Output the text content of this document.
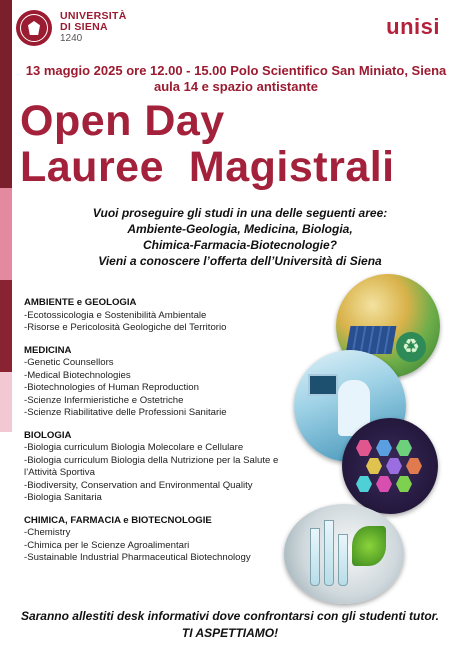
UNIVERSITÀ
DI SIENA
1240	unisi
13 maggio 2025 ore 12.00 - 15.00 Polo Scientifico San Miniato, Siena
aula 14 e spazio antistante
Open Day
Lauree  Magistrali
Vuoi proseguire gli studi in una delle seguenti aree:
Ambiente-Geologia, Medicina, Biologia,
Chimica-Farmacia-Biotecnologie?
Vieni a conoscere l’offerta dell’Università di Siena
AMBIENTE e GEOLOGIA
-Ecotossicologia e Sostenibilità Ambientale
-Risorse e Pericolosità Geologiche del Territorio
MEDICINA
-Genetic Counsellors
-Medical Biotechnologies
-Biotechnologies of Human Reproduction
-Scienze Infermieristiche e Ostetriche
-Scienze Riabilitative delle Professioni Sanitarie
BIOLOGIA
-Biologia curriculum Biologia Molecolare e Cellulare
-Biologia curriculum Biologia della Nutrizione per la Salute e l’Attività Sportiva
-Biodiversity, Conservation and Environmental Quality
-Biologia Sanitaria
CHIMICA, FARMACIA e BIOTECNOLOGIE
-Chemistry
-Chimica per le Scienze Agroalimentari
-Sustainable Industrial Pharmaceutical Biotechnology
♻
Saranno allestiti desk informativi dove confrontarsi con gli studenti tutor.
TI ASPETTIAMO!
